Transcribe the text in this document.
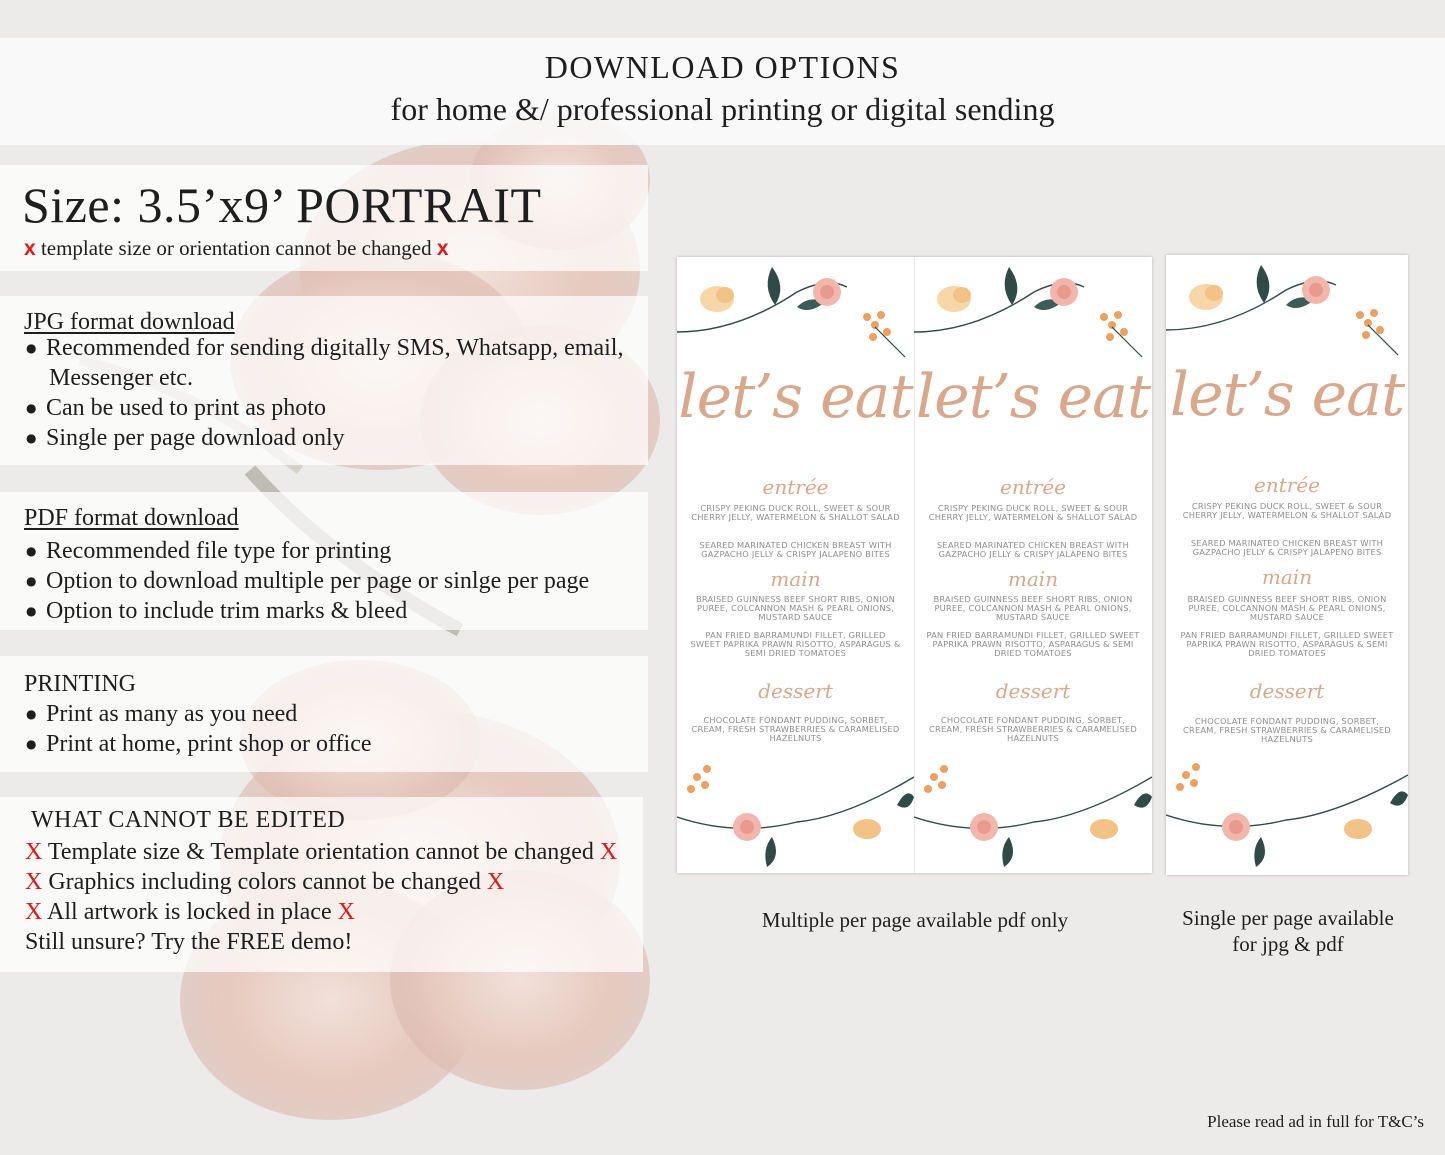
DOWNLOAD OPTIONS
for home &/ professional printing or digital sending
Size: 3.5’x9’ PORTRAIT
x template size or orientation cannot be changed x
JPG format download
● Recommended for sending digitally SMS, Whatsapp, email,
Messenger etc.
● Can be used to print as photo
● Single per page download only
PDF format download
● Recommended file type for printing
● Option to download multiple per page or sinlge per page
● Option to include trim marks & bleed
PRINTING
● Print as many as you need
● Print at home, print shop or office
WHAT CANNOT BE EDITED
X Template size & Template orientation cannot be changed X
X Graphics including colors cannot be changed X
X All artwork is locked in place X
Still unsure? Try the FREE demo!
let’s eat
entrée
CRISPY PEKING DUCK ROLL, SWEET & SOUR CHERRY JELLY, WATERMELON & SHALLOT SALAD
SEARED MARINATED CHICKEN BREAST WITH GAZPACHO JELLY & CRISPY JALAPENO BITES
main
BRAISED GUINNESS BEEF SHORT RIBS, ONION PUREE, COLCANNON MASH & PEARL ONIONS, MUSTARD SAUCE
PAN FRIED BARRAMUNDI FILLET, GRILLED SWEET PAPRIKA PRAWN RISOTTO, ASPARAGUS & SEMI DRIED TOMATOES
dessert
CHOCOLATE FONDANT PUDDING, SORBET, CREAM, FRESH STRAWBERRIES & CARAMELISED HAZELNUTS
let’s eat
entrée
CRISPY PEKING DUCK ROLL, SWEET & SOUR CHERRY JELLY, WATERMELON & SHALLOT SALAD
SEARED MARINATED CHICKEN BREAST WITH GAZPACHO JELLY & CRISPY JALAPENO BITES
main
BRAISED GUINNESS BEEF SHORT RIBS, ONION PUREE, COLCANNON MASH & PEARL ONIONS, MUSTARD SAUCE
PAN FRIED BARRAMUNDI FILLET, GRILLED SWEET PAPRIKA PRAWN RISOTTO, ASPARAGUS & SEMI DRIED TOMATOES
dessert
CHOCOLATE FONDANT PUDDING, SORBET, CREAM, FRESH STRAWBERRIES & CARAMELISED HAZELNUTS
let’s eat
entrée
CRISPY PEKING DUCK ROLL, SWEET & SOUR CHERRY JELLY, WATERMELON & SHALLOT SALAD
SEARED MARINATED CHICKEN BREAST WITH GAZPACHO JELLY & CRISPY JALAPENO BITES
main
BRAISED GUINNESS BEEF SHORT RIBS, ONION PUREE, COLCANNON MASH & PEARL ONIONS, MUSTARD SAUCE
PAN FRIED BARRAMUNDI FILLET, GRILLED SWEET PAPRIKA PRAWN RISOTTO, ASPARAGUS & SEMI DRIED TOMATOES
dessert
CHOCOLATE FONDANT PUDDING, SORBET, CREAM, FRESH STRAWBERRIES & CARAMELISED HAZELNUTS
Multiple per page available pdf only	Single per page available
for jpg & pdf
Please read ad in full for T&C’s
